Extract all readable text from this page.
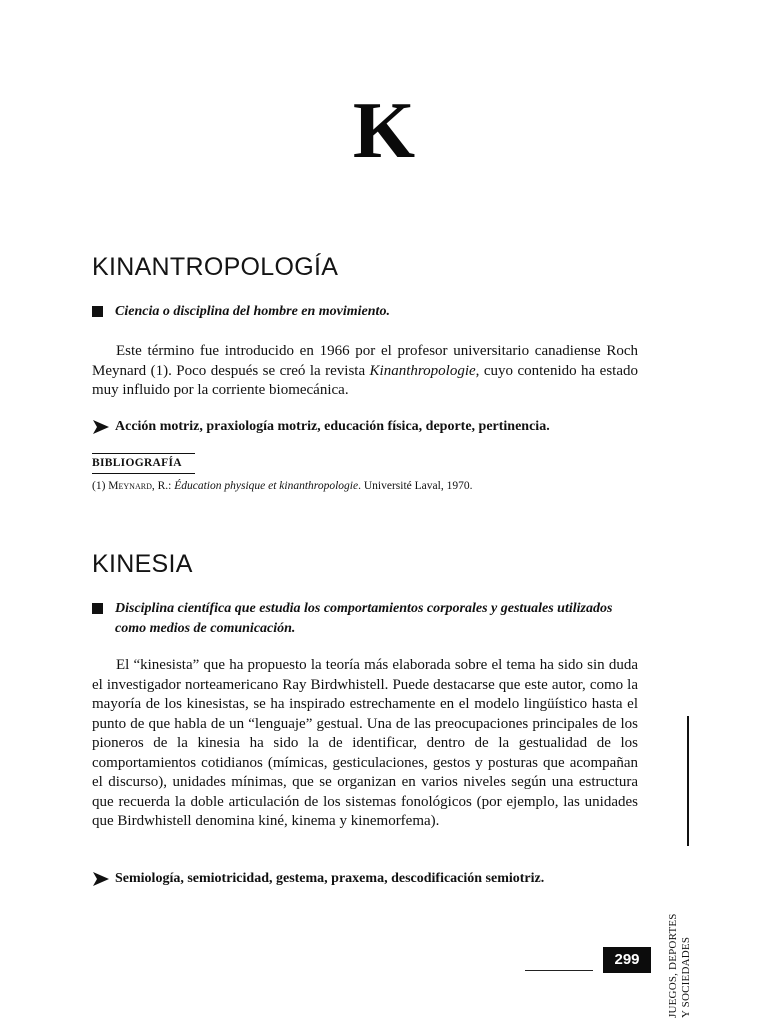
K
KINANTROPOLOGÍA
Ciencia o disciplina del hombre en movimiento.

Este término fue introducido en 1966 por el profesor universitario canadiense Roch Meynard (1). Poco después se creó la revista Kinanthropologie, cuyo contenido ha estado muy influido por la corriente biomecánica.

Acción motriz, praxiología motriz, educación física, deporte, pertinencia.
BIBLIOGRAFÍA
(1) Meynard, R.: Éducation physique et kinanthropologie. Université Laval, 1970.
KINESIA
Disciplina científica que estudia los comportamientos corporales y gestuales utilizados como medios de comunicación.

El “kinesista” que ha propuesto la teoría más elaborada sobre el tema ha sido sin duda el investigador norteamericano Ray Birdwhistell. Puede destacarse que este autor, como la mayoría de los kinesistas, se ha inspirado estrechamente en el modelo lingüístico hasta el punto de que habla de un “lenguaje” gestual. Una de las preocupaciones principales de los pioneros de la kinesia ha sido la de identificar, dentro de la gestualidad de los comportamientos cotidianos (mímicas, gesticulaciones, gestos y posturas que acompañan el discurso), unidades mínimas, que se organizan en varios niveles según una estructura que recuerda la doble articulación de los sistemas fonológicos (por ejemplo, las unidades que Birdwhistell denomina kiné, kinema y kinemorfema).

Semiología, semiotricidad, gestema, praxema, descodificación semiotriz.
JUEGOS, DEPORTES Y SOCIEDADES
299
